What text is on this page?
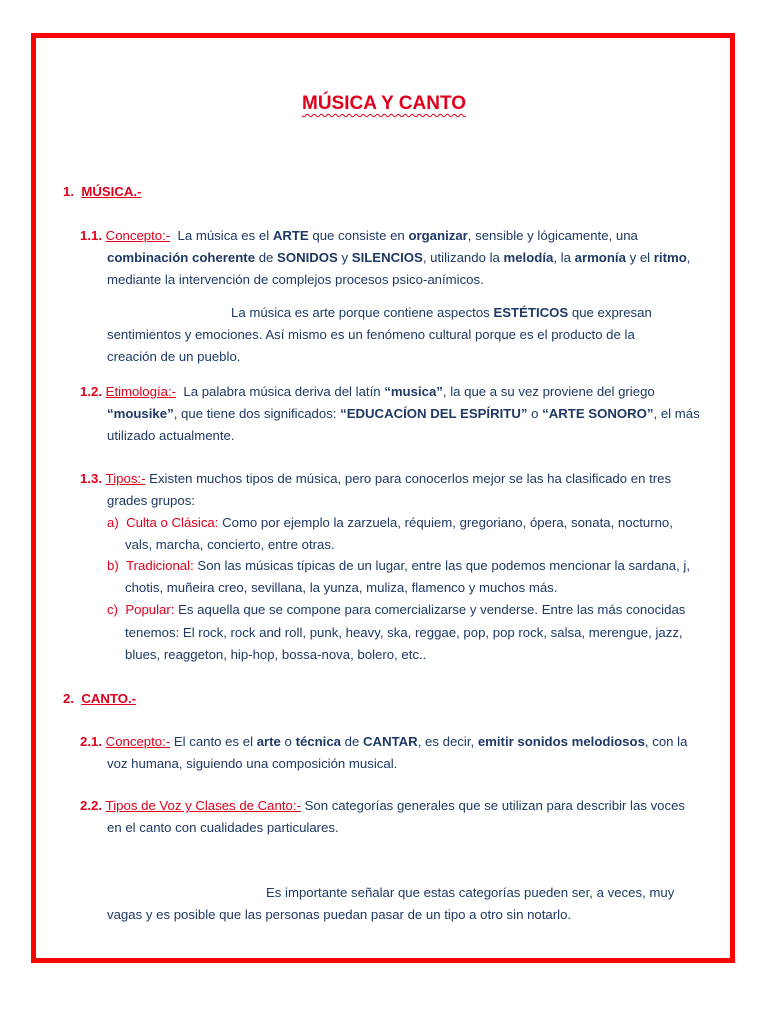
MÚSICA Y CANTO
1. MÚSICA.-
1.1. Concepto:- La música es el ARTE que consiste en organizar, sensible y lógicamente, una
combinación coherente de SONIDOS y SILENCIOS, utilizando la melodía, la armonía y el ritmo,
mediante la intervención de complejos procesos psico-anímicos.
La música es arte porque contiene aspectos ESTÉTICOS que expresan
sentimientos y emociones. Así mismo es un fenómeno cultural porque es el producto de la
creación de un pueblo.
1.2. Etimología:- La palabra música deriva del latín “musica”, la que a su vez proviene del griego
“mousike”, que tiene dos significados: “EDUCACÍON DEL ESPÍRITU” o “ARTE SONORO”, el más
utilizado actualmente.
1.3. Tipos:- Existen muchos tipos de música, pero para conocerlos mejor se las ha clasificado en tres
grades grupos:
a) Culta o Clásica: Como por ejemplo la zarzuela, réquiem, gregoriano, ópera, sonata, nocturno,
vals, marcha, concierto, entre otras.
b) Tradicional: Son las músicas típicas de un lugar, entre las que podemos mencionar la sardana, j,
chotis, muñeira creo, sevillana, la yunza, muliza, flamenco y muchos más.
c) Popular: Es aquella que se compone para comercializarse y venderse. Entre las más conocidas
tenemos: El rock, rock and roll, punk, heavy, ska, reggae, pop, pop rock, salsa, merengue, jazz,
blues, reaggeton, hip-hop, bossa-nova, bolero, etc..
2. CANTO.-
2.1. Concepto:- El canto es el arte o técnica de CANTAR, es decir, emitir sonidos melodiosos, con la
voz humana, siguiendo una composición musical.
2.2. Tipos de Voz y Clases de Canto:- Son categorías generales que se utilizan para describir las voces
en el canto con cualidades particulares.
Es importante señalar que estas categorías pueden ser, a veces, muy
vagas y es posible que las personas puedan pasar de un tipo a otro sin notarlo.
